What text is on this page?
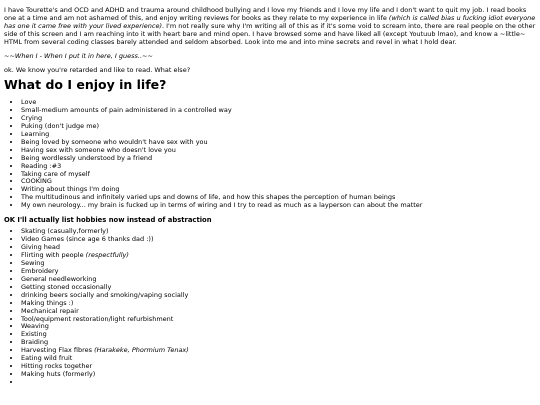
I have Tourette's and OCD and ADHD and trauma around childhood bullying and I love my friends and I love my life and I don't want to quit my job. I read books one at a time and am not ashamed of this, and enjoy writing reviews for books as they relate to my experience in life (which is called bias u fucking idiot everyone has one it came free with your lived experience). I'm not really sure why I'm writing all of this as if it's some void to scream into, there are real people on the other side of this screen and I am reaching into it with heart bare and mind open. I have browsed some and have liked all (except Youtuub lmao), and know a ~little~ HTML from several coding classes barely attended and seldom absorbed. Look into me and into mine secrets and revel in what I hold dear.

~~When I - When I put it in here, I guess..~~

ok. We know you're retarded and like to read. What else?

What do I enjoy in life?
• Love
• Small-medium amounts of pain administered in a controlled way
• Crying
• Puking (don't judge me)
• Learning
• Being loved by someone who wouldn't have sex with you
• Having sex with someone who doesn't love you
• Being wordlessly understood by a friend
• Reading :#3
• Taking care of myself
• COOKING
• Writing about things I'm doing
• The multitudinous and infinitely varied ups and downs of life, and how this shapes the perception of human beings
• My own neurology... my brain is fucked up in terms of wiring and I try to read as much as a layperson can about the matter
OK I'll actually list hobbies now instead of abstraction
• Skating (casually,formerly)
• Video Games (since age 6 thanks dad :))
• Giving head
• Flirting with people (respectfully)
• Sewing
• Embroidery
• General needleworking
• Getting stoned occasionally
• drinking beers socially and smoking/vaping socially
• Making things :)
• Mechanical repair
• Tool/equipment restoration/light refurbishment
• Weaving
• Existing
• Braiding
• Harvesting Flax fibres (Harakeke, Phormium Tenax)
• Eating wild fruit
• Hitting rocks together
• Making huts (formerly)
•
